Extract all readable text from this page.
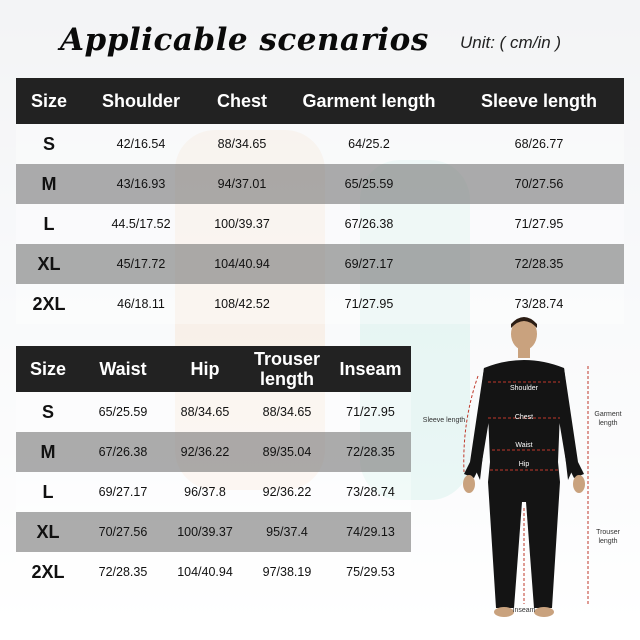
Applicable scenarios Unit: ( cm/in )
Size	Shoulder	Chest	Garment length	Sleeve length
S	42/16.54	88/34.65	64/25.2	68/26.77
M	43/16.93	94/37.01	65/25.59	70/27.56
L	44.5/17.52	100/39.37	67/26.38	71/27.95
XL	45/17.72	104/40.94	69/27.17	72/28.35
2XL	46/18.11	108/42.52	71/27.95	73/28.74
Size	Waist	Hip	Trouser length	Inseam
S	65/25.59	88/34.65	88/34.65	71/27.95
M	67/26.38	92/36.22	89/35.04	72/28.35
L	69/27.17	96/37.8	92/36.22	73/28.74
XL	70/27.56	100/39.37	95/37.4	74/29.13
2XL	72/28.35	104/40.94	97/38.19	75/29.53
Shoulder
Chest
Waist
Hip
Sleeve length
Garment length
Trouser length
Inseam
